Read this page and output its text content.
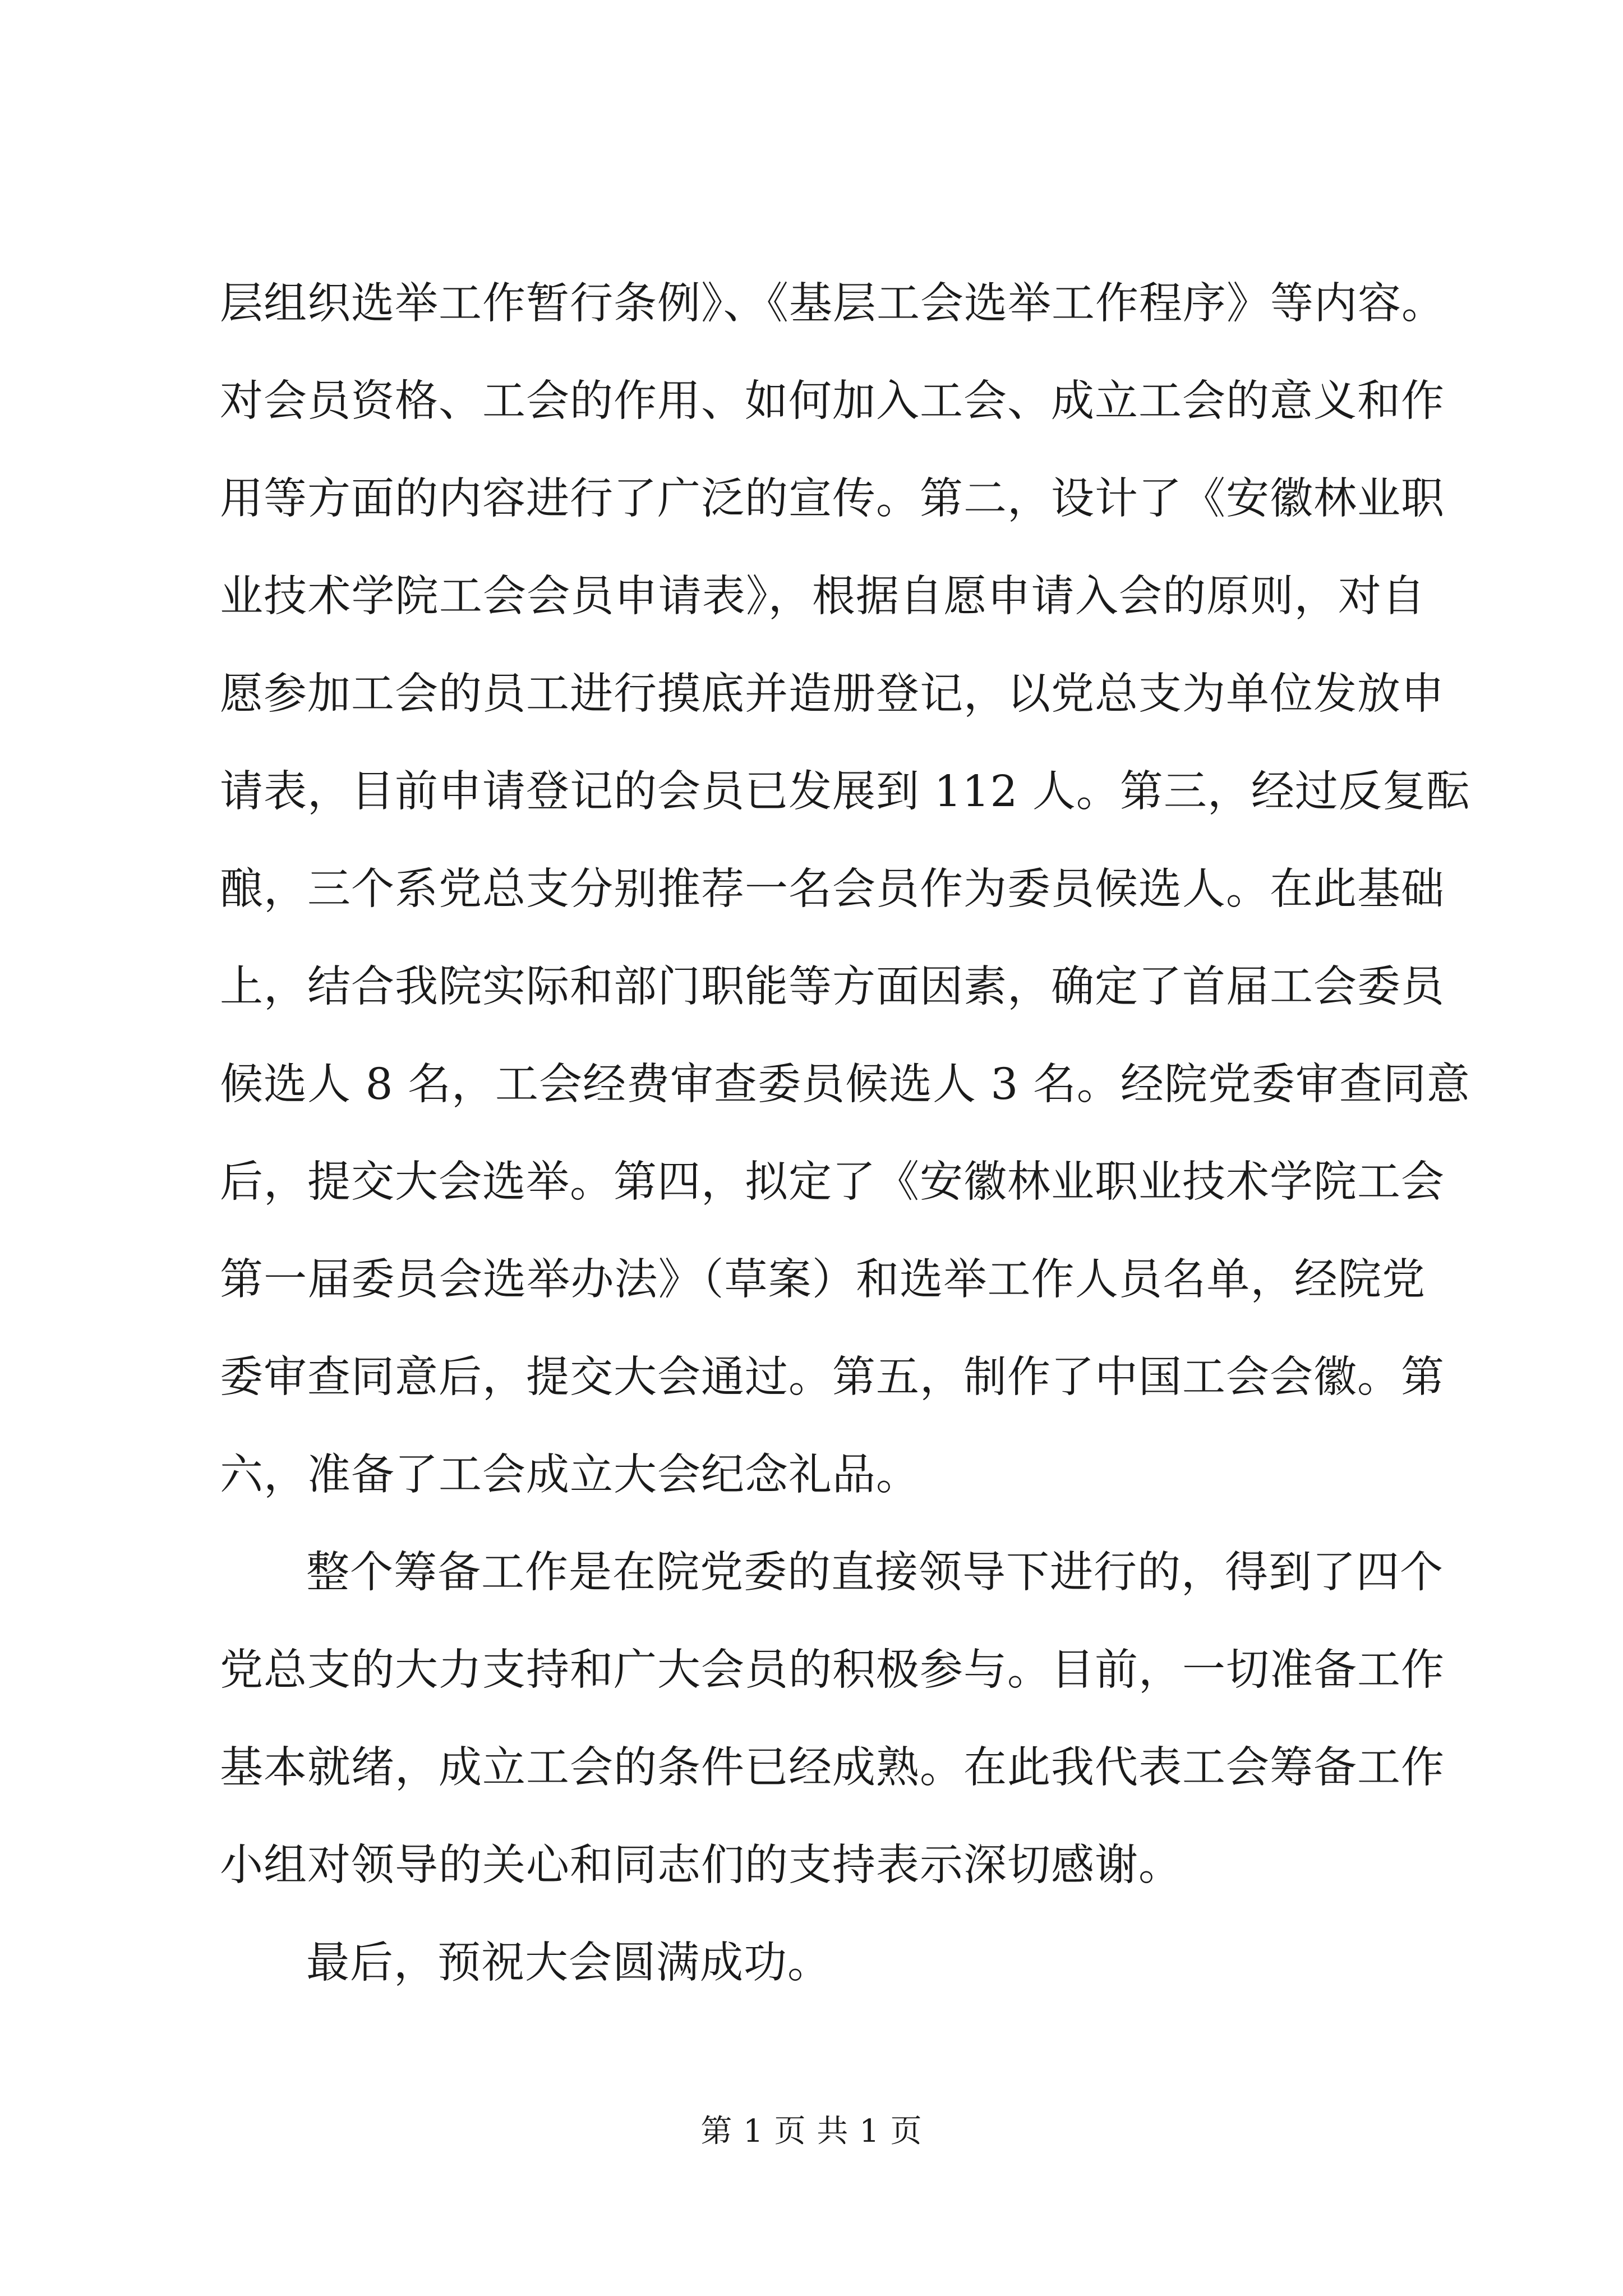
层组织选举工作暂行条例》、《基层工会选举工作程序》等内容。
对会员资格、工会的作用、如何加入工会、成立工会的意义和作
用等方面的内容进行了广泛的宣传。第二，设计了《安徽林业职
业技术学院工会会员申请表》，根据自愿申请入会的原则，对自
愿参加工会的员工进行摸底并造册登记，以党总支为单位发放申
请表，目前申请登记的会员已发展到 112 人。第三，经过反复酝
酿，三个系党总支分别推荐一名会员作为委员候选人。在此基础
上，结合我院实际和部门职能等方面因素，确定了首届工会委员
候选人 8 名，工会经费审查委员候选人 3 名。经院党委审查同意
后，提交大会选举。第四，拟定了《安徽林业职业技术学院工会
第一届委员会选举办法》（草案）和选举工作人员名单，经院党
委审查同意后，提交大会通过。第五，制作了中国工会会徽。第
六，准备了工会成立大会纪念礼品。
整个筹备工作是在院党委的直接领导下进行的，得到了四个
党总支的大力支持和广大会员的积极参与。目前，一切准备工作
基本就绪，成立工会的条件已经成熟。在此我代表工会筹备工作
小组对领导的关心和同志们的支持表示深切感谢。
最后，预祝大会圆满成功。
第 1 页 共 1 页
